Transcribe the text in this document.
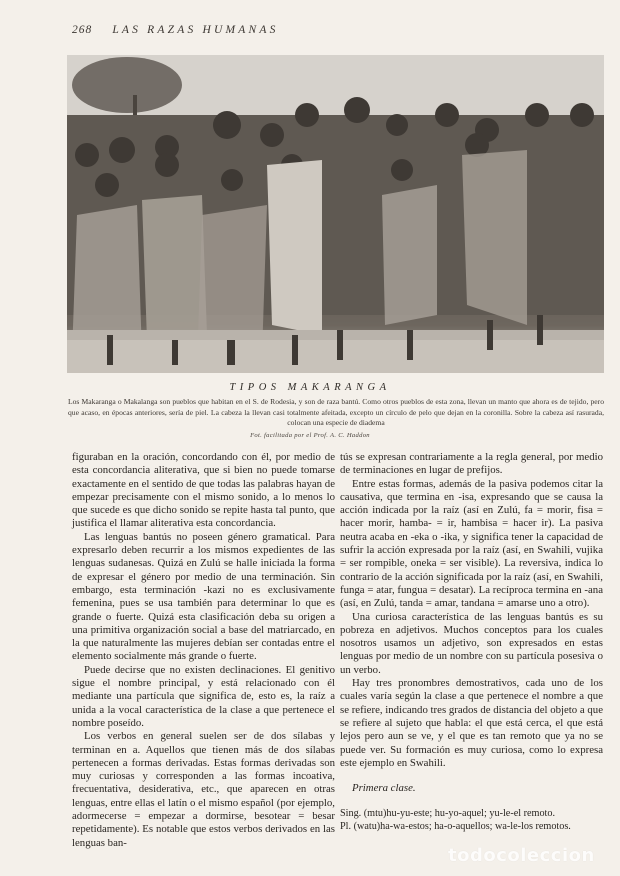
268 LAS RAZAS HUMANAS
TIPOS MAKARANGA
Los Makaranga o Makalanga son pueblos que habitan en el S. de Rodesia, y son de raza bantú. Como otros pueblos de esta zona, llevan un manto que ahora es de tejido, pero que acaso, en épocas anteriores, sería de piel. La cabeza la llevan casi totalmente afeitada, excepto un círculo de pelo que dejan en la coronilla. Sobre la cabeza así rasurada, colocan una especie de diadema
Fot. facilitada por el Prof. A. C. Haddon

figuraban en la oración, concordando con él, por medio de esta concordancia aliterativa, que si bien no puede tomarse exactamente en el sentido de que todas las palabras hayan de empezar precisamente con el mismo sonido, a lo menos lo que sucede es que dicho sonido se repite hasta tal punto, que justifica el llamar aliterativa esta concordancia.

Las lenguas bantús no poseen género gramatical. Para expresarlo deben recurrir a los mismos expedientes de las lenguas sudanesas. Quizá en Zulú se halle iniciada la forma de expresar el género por medio de una terminación. Sin embargo, esta terminación -kazi no es exclusivamente femenina, pues se usa también para determinar lo que es grande o fuerte. Quizá esta clasificación deba su origen a una primitiva organización social a base del matriarcado, en la que naturalmente las mujeres debían ser contadas entre el elemento socialmente más grande o fuerte.

Puede decirse que no existen declinaciones. El genitivo sigue el nombre principal, y está relacionado con él mediante una partícula que significa de, esto es, la raíz a unida a la vocal característica de la clase a que pertenece el nombre poseído.

Los verbos en general suelen ser de dos sílabas y terminan en a. Aquellos que tienen más de dos sílabas pertenecen a formas derivadas. Estas formas derivadas son muy curiosas y corresponden a las formas incoativa, frecuentativa, desiderativa, etc., que aparecen en otras lenguas, entre ellas el latín o el mismo español (por ejemplo, adormecerse = empezar a dormirse, besotear = besar repetidamente). Es notable que estos verbos derivados en las lenguas ban-

tús se expresan contrariamente a la regla general, por medio de terminaciones en lugar de prefijos.

Entre estas formas, además de la pasiva podemos citar la causativa, que termina en -isa, expresando que se causa la acción indicada por la raíz (así en Zulú, fa = morir, fisa = hacer morir, hamba- = ir, hambisa = hacer ir). La pasiva neutra acaba en -eka o -ika, y significa tener la capacidad de sufrir la acción expresada por la raíz (así, en Swahili, vujika = ser rompible, oneka = ser visible). La reversiva, indica lo contrario de la acción significada por la raíz (así, en Swahili, funga = atar, fungua = desatar). La recíproca termina en -ana (así, en Zulú, tanda = amar, tandana = amarse uno a otro).

Una curiosa característica de las lenguas bantús es su pobreza en adjetivos. Muchos conceptos para los cuales nosotros usamos un adjetivo, son expresados en estas lenguas por medio de un nombre con su partícula posesiva o un verbo.

Hay tres pronombres demostrativos, cada uno de los cuales varía según la clase a que pertenece el nombre a que se refiere, indicando tres grados de distancia del objeto a que se refiere al sujeto que habla: el que está cerca, el que está lejos pero aun se ve, y el que es tan remoto que ya no se puede ver. Su formación es muy curiosa, como lo expresa este ejemplo en Swahili.

Primera clase.

Sing. (mtu)hu-yu-este; hu-yo-aquel; yu-le-el remoto.

Pl. (watu)ha-wa-estos; ha-o-aquellos; wa-le-los remotos.

todocoleccion
